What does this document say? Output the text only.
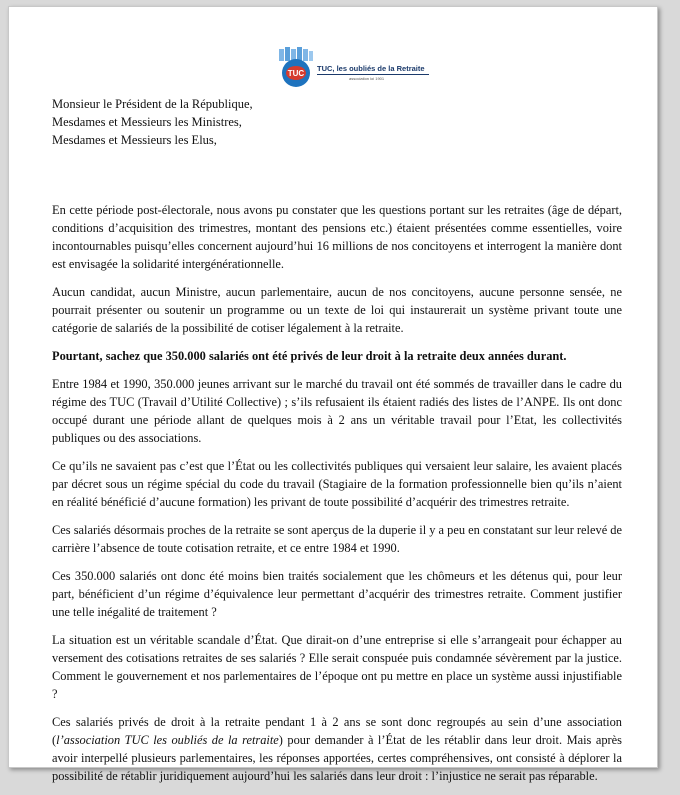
TUC
TUC, les oubliés de la Retraite
association loi 1901
Monsieur le Président de la République,
Mesdames et Messieurs les Ministres,
Mesdames et Messieurs les Elus,

En cette période post-électorale, nous avons pu constater que les questions portant sur les retraites (âge de départ, conditions d’acquisition des trimestres, montant des pensions etc.) étaient présentées comme essentielles, voire incontournables puisqu’elles concernent aujourd’hui 16 millions de nos concitoyens et interrogent la manière dont est envisagée la solidarité intergénérationnelle.

Aucun candidat, aucun Ministre, aucun parlementaire, aucun de nos concitoyens, aucune personne sensée, ne pourrait présenter ou soutenir un programme ou un texte de loi qui instaurerait un système privant toute une catégorie de salariés de la possibilité de cotiser légalement à la retraite.

Pourtant, sachez que 350.000 salariés ont été privés de leur droit à la retraite deux années durant.

Entre 1984 et 1990, 350.000 jeunes arrivant sur le marché du travail ont été sommés de travailler dans le cadre du régime des TUC (Travail d’Utilité Collective) ; s’ils refusaient ils étaient radiés des listes de l’ANPE. Ils ont donc occupé durant une période allant de quelques mois à 2 ans un véritable travail pour l’Etat, les collectivités publiques ou des associations.

Ce qu’ils ne savaient pas c’est que l’État ou les collectivités publiques qui versaient leur salaire, les avaient placés par décret sous un régime spécial du code du travail (Stagiaire de la formation professionnelle bien qu’ils n’aient en réalité bénéficié d’aucune formation) les privant de toute possibilité d’acquérir des trimestres retraite.

Ces salariés désormais proches de la retraite se sont aperçus de la duperie il y a peu en constatant sur leur relevé de carrière l’absence de toute cotisation retraite, et ce entre 1984 et 1990.

Ces 350.000 salariés ont donc été moins bien traités socialement que les chômeurs et les détenus qui, pour leur part, bénéficient d’un régime d’équivalence leur permettant d’acquérir des trimestres retraite. Comment justifier une telle inégalité de traitement ?

La situation est un véritable scandale d’État. Que dirait-on d’une entreprise si elle s’arrangeait pour échapper au versement des cotisations retraites de ses salariés ? Elle serait conspuée puis condamnée sévèrement par la justice. Comment le gouvernement et nos parlementaires de l’époque ont pu mettre en place un système aussi injustifiable ?

Ces salariés privés de droit à la retraite pendant 1 à 2 ans se sont donc regroupés au sein d’une association (l’association TUC les oubliés de la retraite) pour demander à l’État de les rétablir dans leur droit. Mais après avoir interpellé plusieurs parlementaires, les réponses apportées, certes compréhensives, ont consisté à déplorer la possibilité de rétablir juridiquement aujourd’hui les salariés dans leur droit : l’injustice ne serait pas réparable.
